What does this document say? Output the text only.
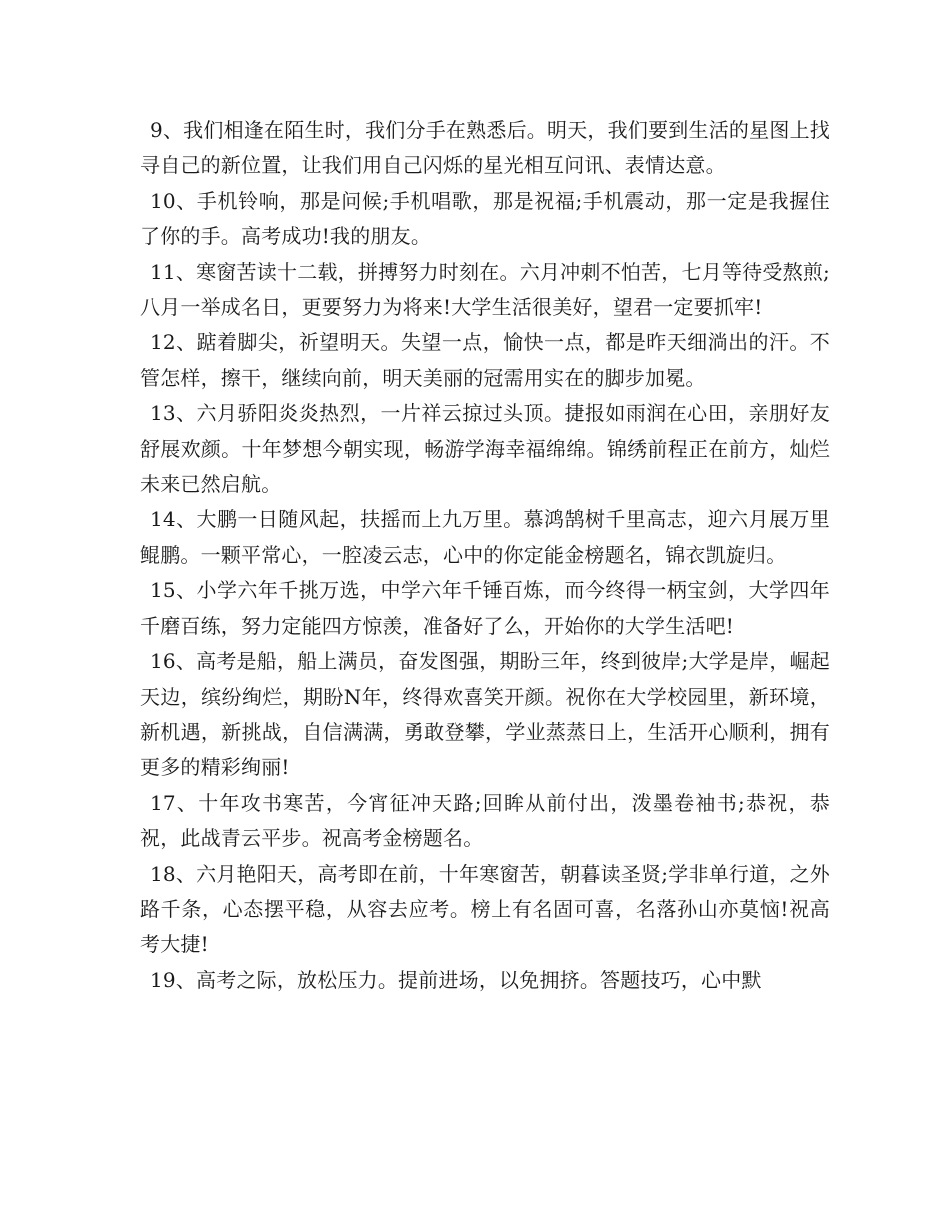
9、我们相逢在陌生时，我们分手在熟悉后。明天，我们要到生活的星图上找寻自己的新位置，让我们用自己闪烁的星光相互问讯、表情达意。

10、手机铃响，那是问候;手机唱歌，那是祝福;手机震动，那一定是我握住了你的手。高考成功!我的朋友。

11、寒窗苦读十二载，拼搏努力时刻在。六月冲刺不怕苦，七月等待受熬煎;八月一举成名日，更要努力为将来!大学生活很美好，望君一定要抓牢!

12、踮着脚尖，祈望明天。失望一点，愉快一点，都是昨天细淌出的汗。不管怎样，擦干，继续向前，明天美丽的冠需用实在的脚步加冕。

13、六月骄阳炎炎热烈，一片祥云掠过头顶。捷报如雨润在心田，亲朋好友舒展欢颜。十年梦想今朝实现，畅游学海幸福绵绵。锦绣前程正在前方，灿烂未来已然启航。

14、大鹏一日随风起，扶摇而上九万里。慕鸿鹄树千里高志，迎六月展万里鲲鹏。一颗平常心，一腔凌云志，心中的你定能金榜题名，锦衣凯旋归。

15、小学六年千挑万选，中学六年千锤百炼，而今终得一柄宝剑，大学四年千磨百练，努力定能四方惊羡，准备好了么，开始你的大学生活吧!

16、高考是船，船上满员，奋发图强，期盼三年，终到彼岸;大学是岸，崛起天边，缤纷绚烂，期盼N年，终得欢喜笑开颜。祝你在大学校园里，新环境，新机遇，新挑战，自信满满，勇敢登攀，学业蒸蒸日上，生活开心顺利，拥有更多的精彩绚丽!

17、十年攻书寒苦，今宵征冲天路;回眸从前付出，泼墨卷袖书;恭祝，恭祝，此战青云平步。祝高考金榜题名。

18、六月艳阳天，高考即在前，十年寒窗苦，朝暮读圣贤;学非单行道，之外路千条，心态摆平稳，从容去应考。榜上有名固可喜，名落孙山亦莫恼!祝高考大捷!

19、高考之际，放松压力。提前进场，以免拥挤。答题技巧，心中默
